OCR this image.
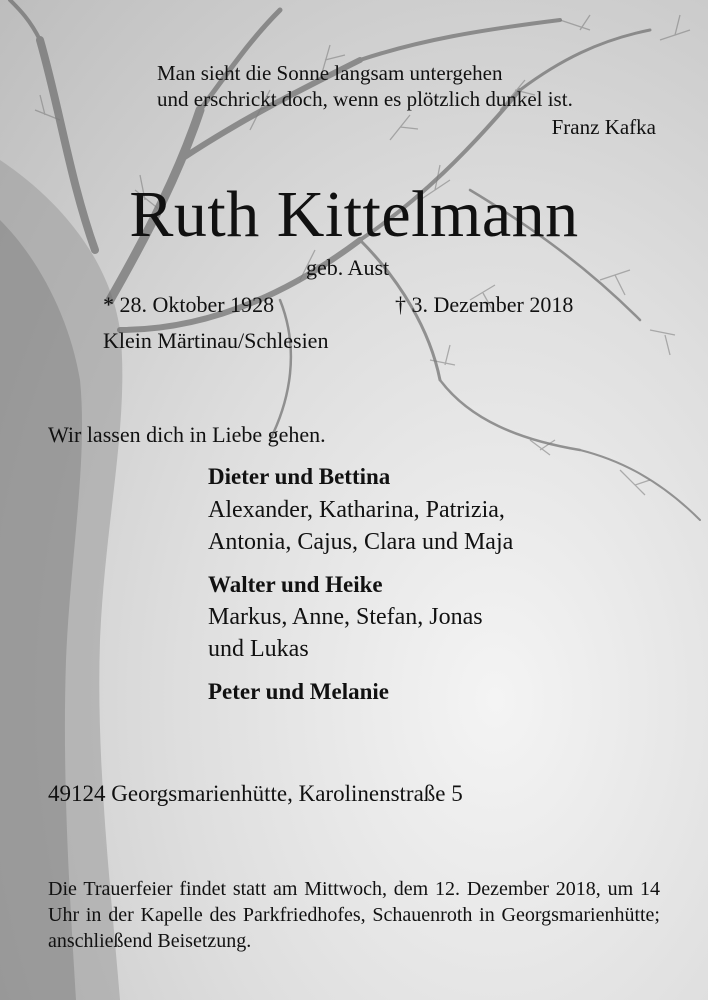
Man sieht die Sonne langsam untergehen
und erschrickt doch, wenn es plötzlich dunkel ist.
Franz Kafka
Ruth Kittelmann
geb. Aust
* 28. Oktober 1928	† 3. Dezember 2018
Klein Märtinau/Schlesien
Wir lassen dich in Liebe gehen.
Dieter und Bettina
Alexander, Katharina, Patrizia,
Antonia, Cajus, Clara und Maja
Walter und Heike
Markus, Anne, Stefan, Jonas
und Lukas
Peter und Melanie
49124 Georgsmarienhütte, Karolinenstraße 5
Die Trauerfeier findet statt am Mittwoch, dem 12. Dezember 2018, um 14 Uhr in der Kapelle des Parkfriedhofes, Schauenroth in Georgsmarienhütte; anschließend Beisetzung.
